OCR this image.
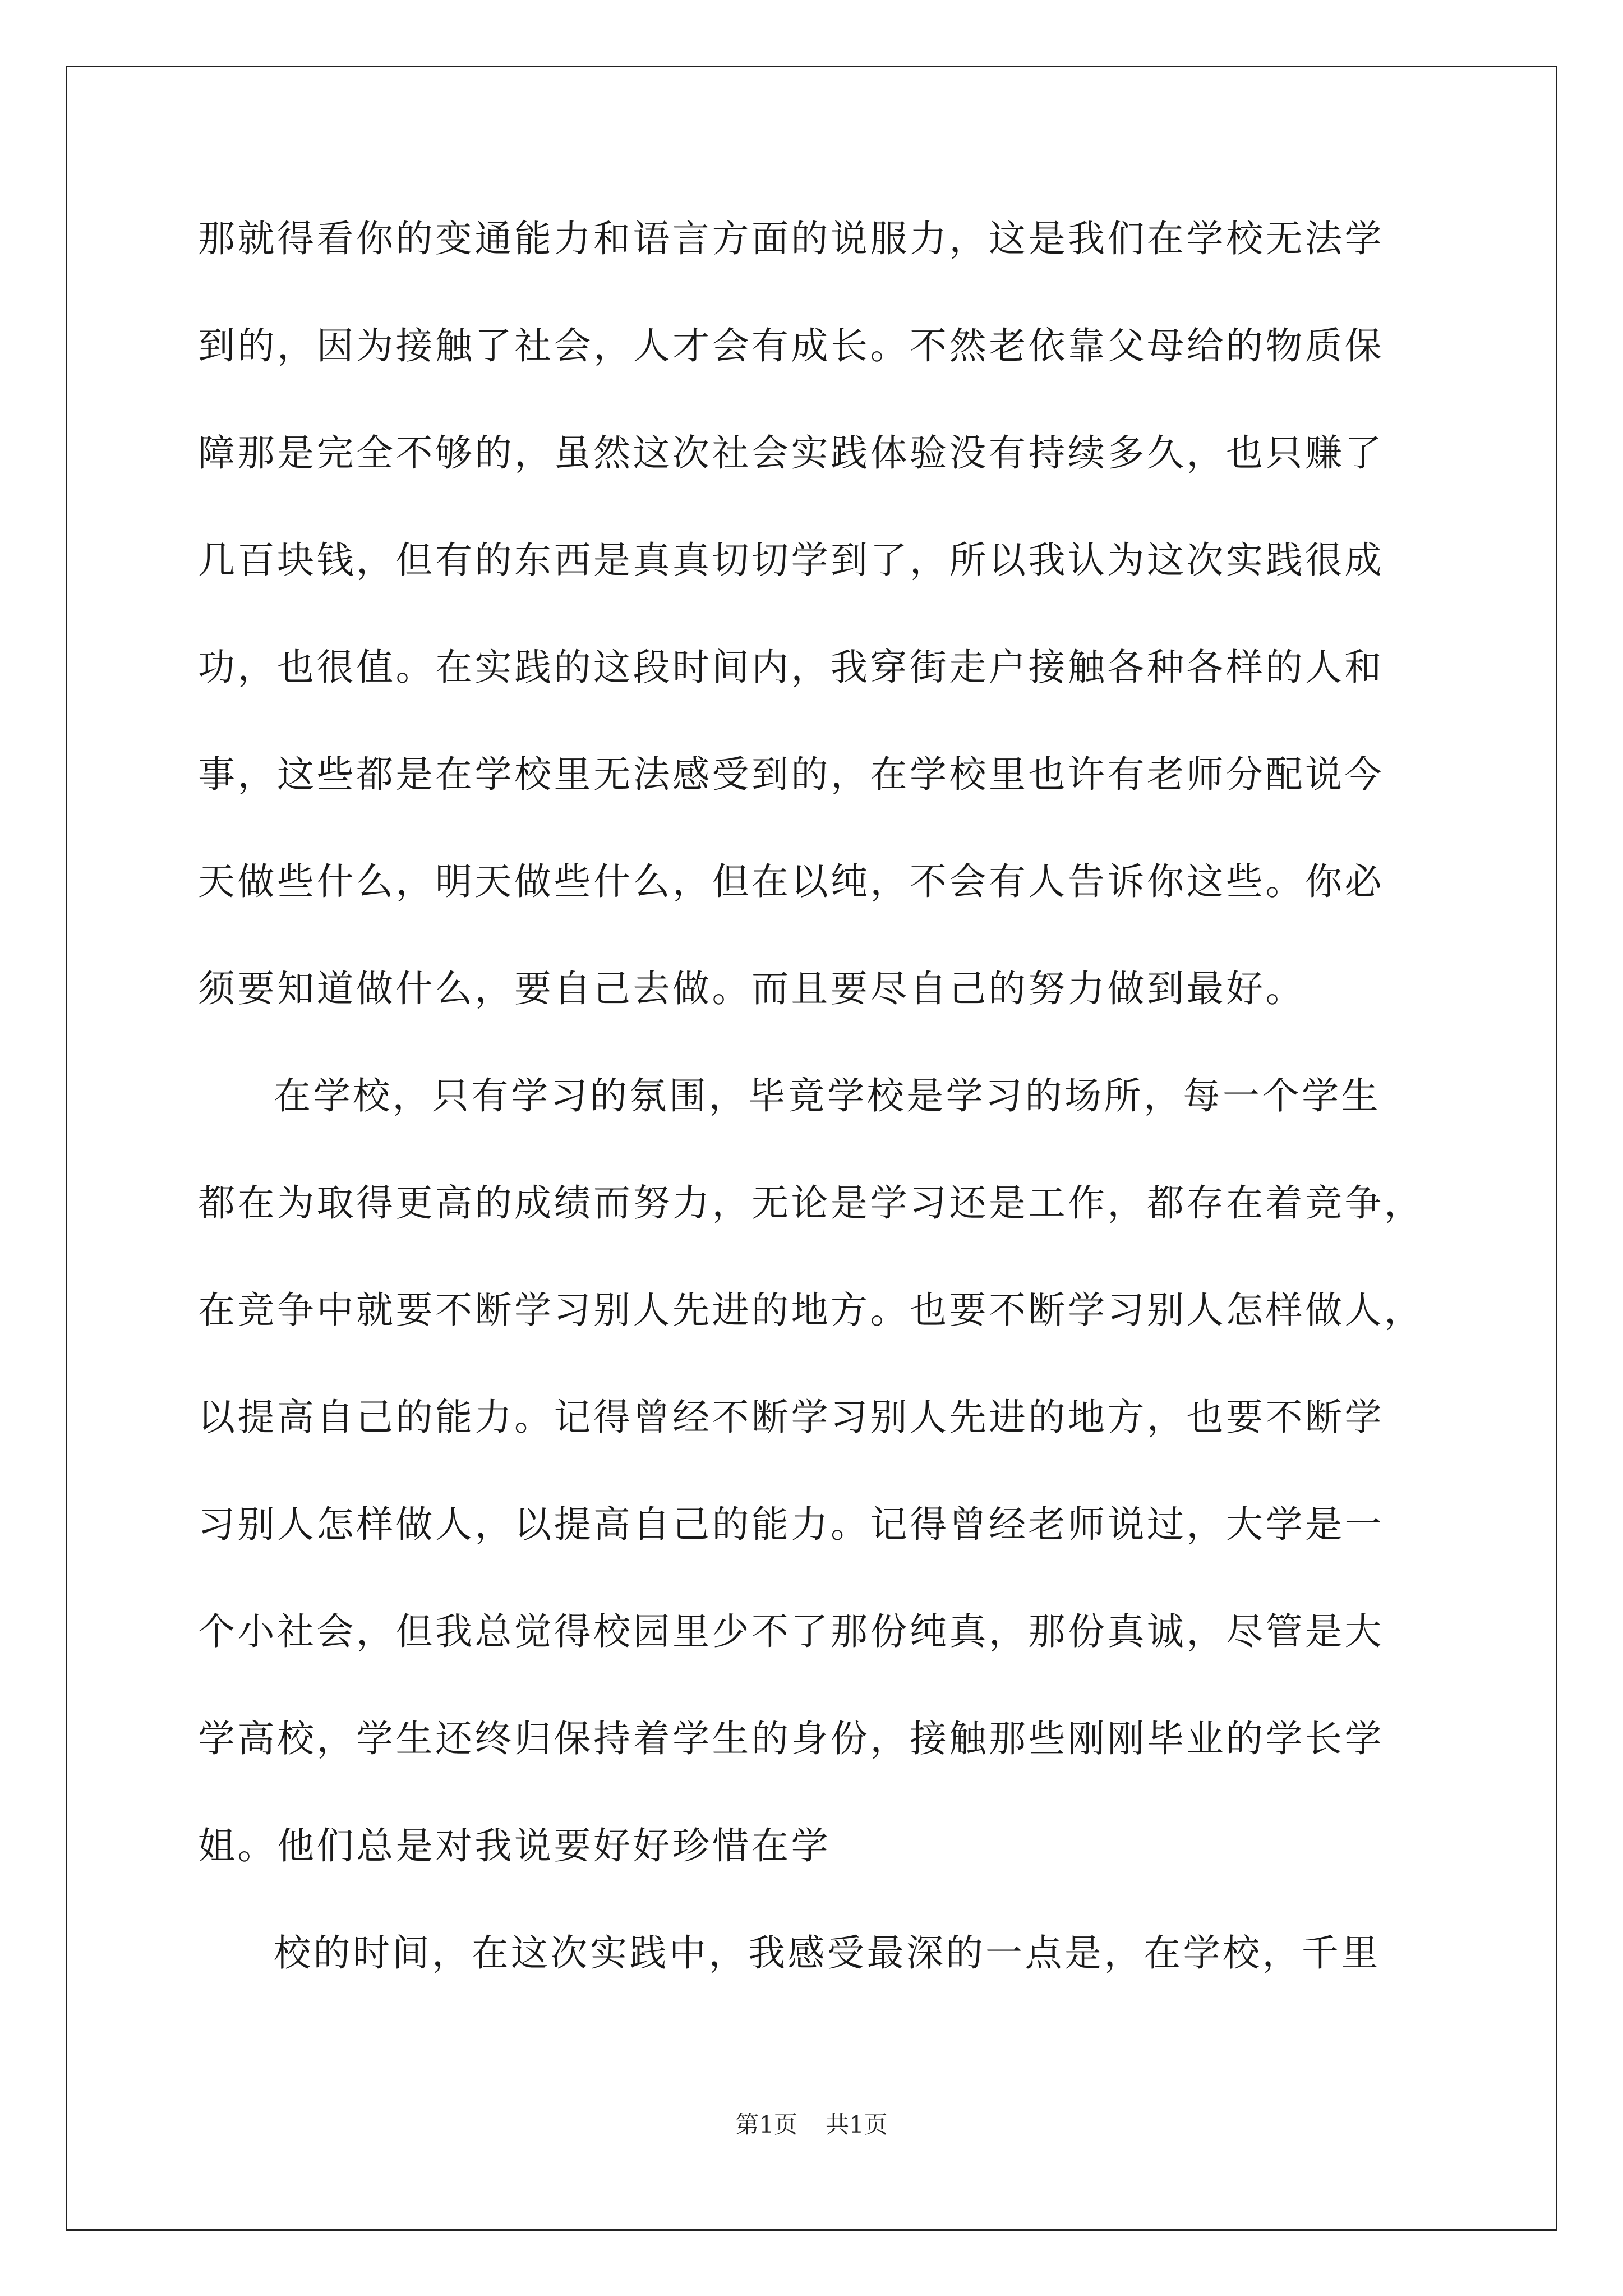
那就得看你的变通能力和语言方面的说服力，这是我们在学校无法学
到的，因为接触了社会，人才会有成长。不然老依靠父母给的物质保
障那是完全不够的，虽然这次社会实践体验没有持续多久，也只赚了
几百块钱，但有的东西是真真切切学到了，所以我认为这次实践很成
功，也很值。在实践的这段时间内，我穿街走户接触各种各样的人和
事，这些都是在学校里无法感受到的，在学校里也许有老师分配说今
天做些什么，明天做些什么，但在以纯，不会有人告诉你这些。你必
须要知道做什么，要自己去做。而且要尽自己的努力做到最好。
在学校，只有学习的氛围，毕竟学校是学习的场所，每一个学生
都在为取得更高的成绩而努力，无论是学习还是工作，都存在着竞争，
在竞争中就要不断学习别人先进的地方。也要不断学习别人怎样做人，
以提高自己的能力。记得曾经不断学习别人先进的地方，也要不断学
习别人怎样做人，以提高自己的能力。记得曾经老师说过，大学是一
个小社会，但我总觉得校园里少不了那份纯真，那份真诚，尽管是大
学高校，学生还终归保持着学生的身份，接触那些刚刚毕业的学长学
姐。他们总是对我说要好好珍惜在学
校的时间，在这次实践中，我感受最深的一点是，在学校，千里
第1页 共1页
